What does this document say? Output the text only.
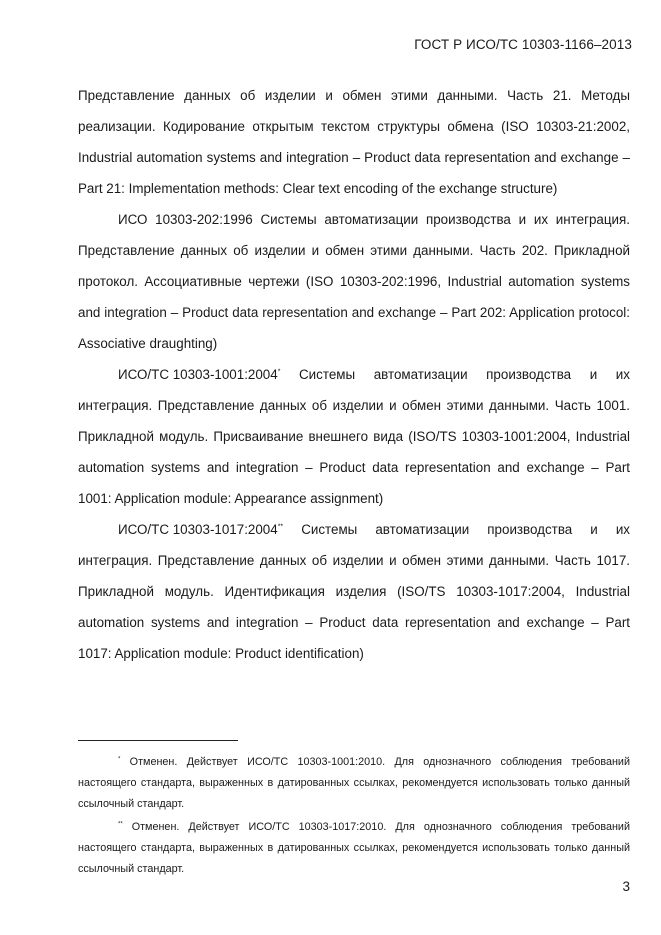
ГОСТ Р ИСО/ТС 10303-1166–2013

Представление данных об изделии и обмен этими данными. Часть 21. Методы реализации. Кодирование открытым текстом структуры обмена (ISO 10303-21:2002, Industrial automation systems and integration – Product data representation and exchange – Part 21: Implementation methods: Clear text encoding of the exchange structure)

ИСО 10303-202:1996 Системы автоматизации производства и их интеграция. Представление данных об изделии и обмен этими данными. Часть 202. Прикладной протокол. Ассоциативные чертежи (ISO 10303-202:1996, Industrial automation systems and integration – Product data representation and exchange – Part 202: Application protocol: Associative draughting)

ИСО/ТС 10303-1001:2004* Системы автоматизации производства и их

интеграция. Представление данных об изделии и обмен этими данными. Часть 1001. Прикладной модуль. Присваивание внешнего вида (ISO/TS 10303-1001:2004, Industrial automation systems and integration – Product data representation and exchange – Part 1001: Application module: Appearance assignment)

ИСО/ТС 10303-1017:2004** Системы автоматизации производства и их

интеграция. Представление данных об изделии и обмен этими данными. Часть 1017. Прикладной модуль. Идентификация изделия (ISO/TS 10303-1017:2004, Industrial automation systems and integration – Product data representation and exchange – Part 1017: Application module: Product identification)

* Отменен. Действует ИСО/ТС 10303-1001:2010. Для однозначного соблюдения требований настоящего стандарта, выраженных в датированных ссылках, рекомендуется использовать только данный ссылочный стандарт.

** Отменен. Действует ИСО/ТС 10303-1017:2010. Для однозначного соблюдения требований настоящего стандарта, выраженных в датированных ссылках, рекомендуется использовать только данный ссылочный стандарт.

3
